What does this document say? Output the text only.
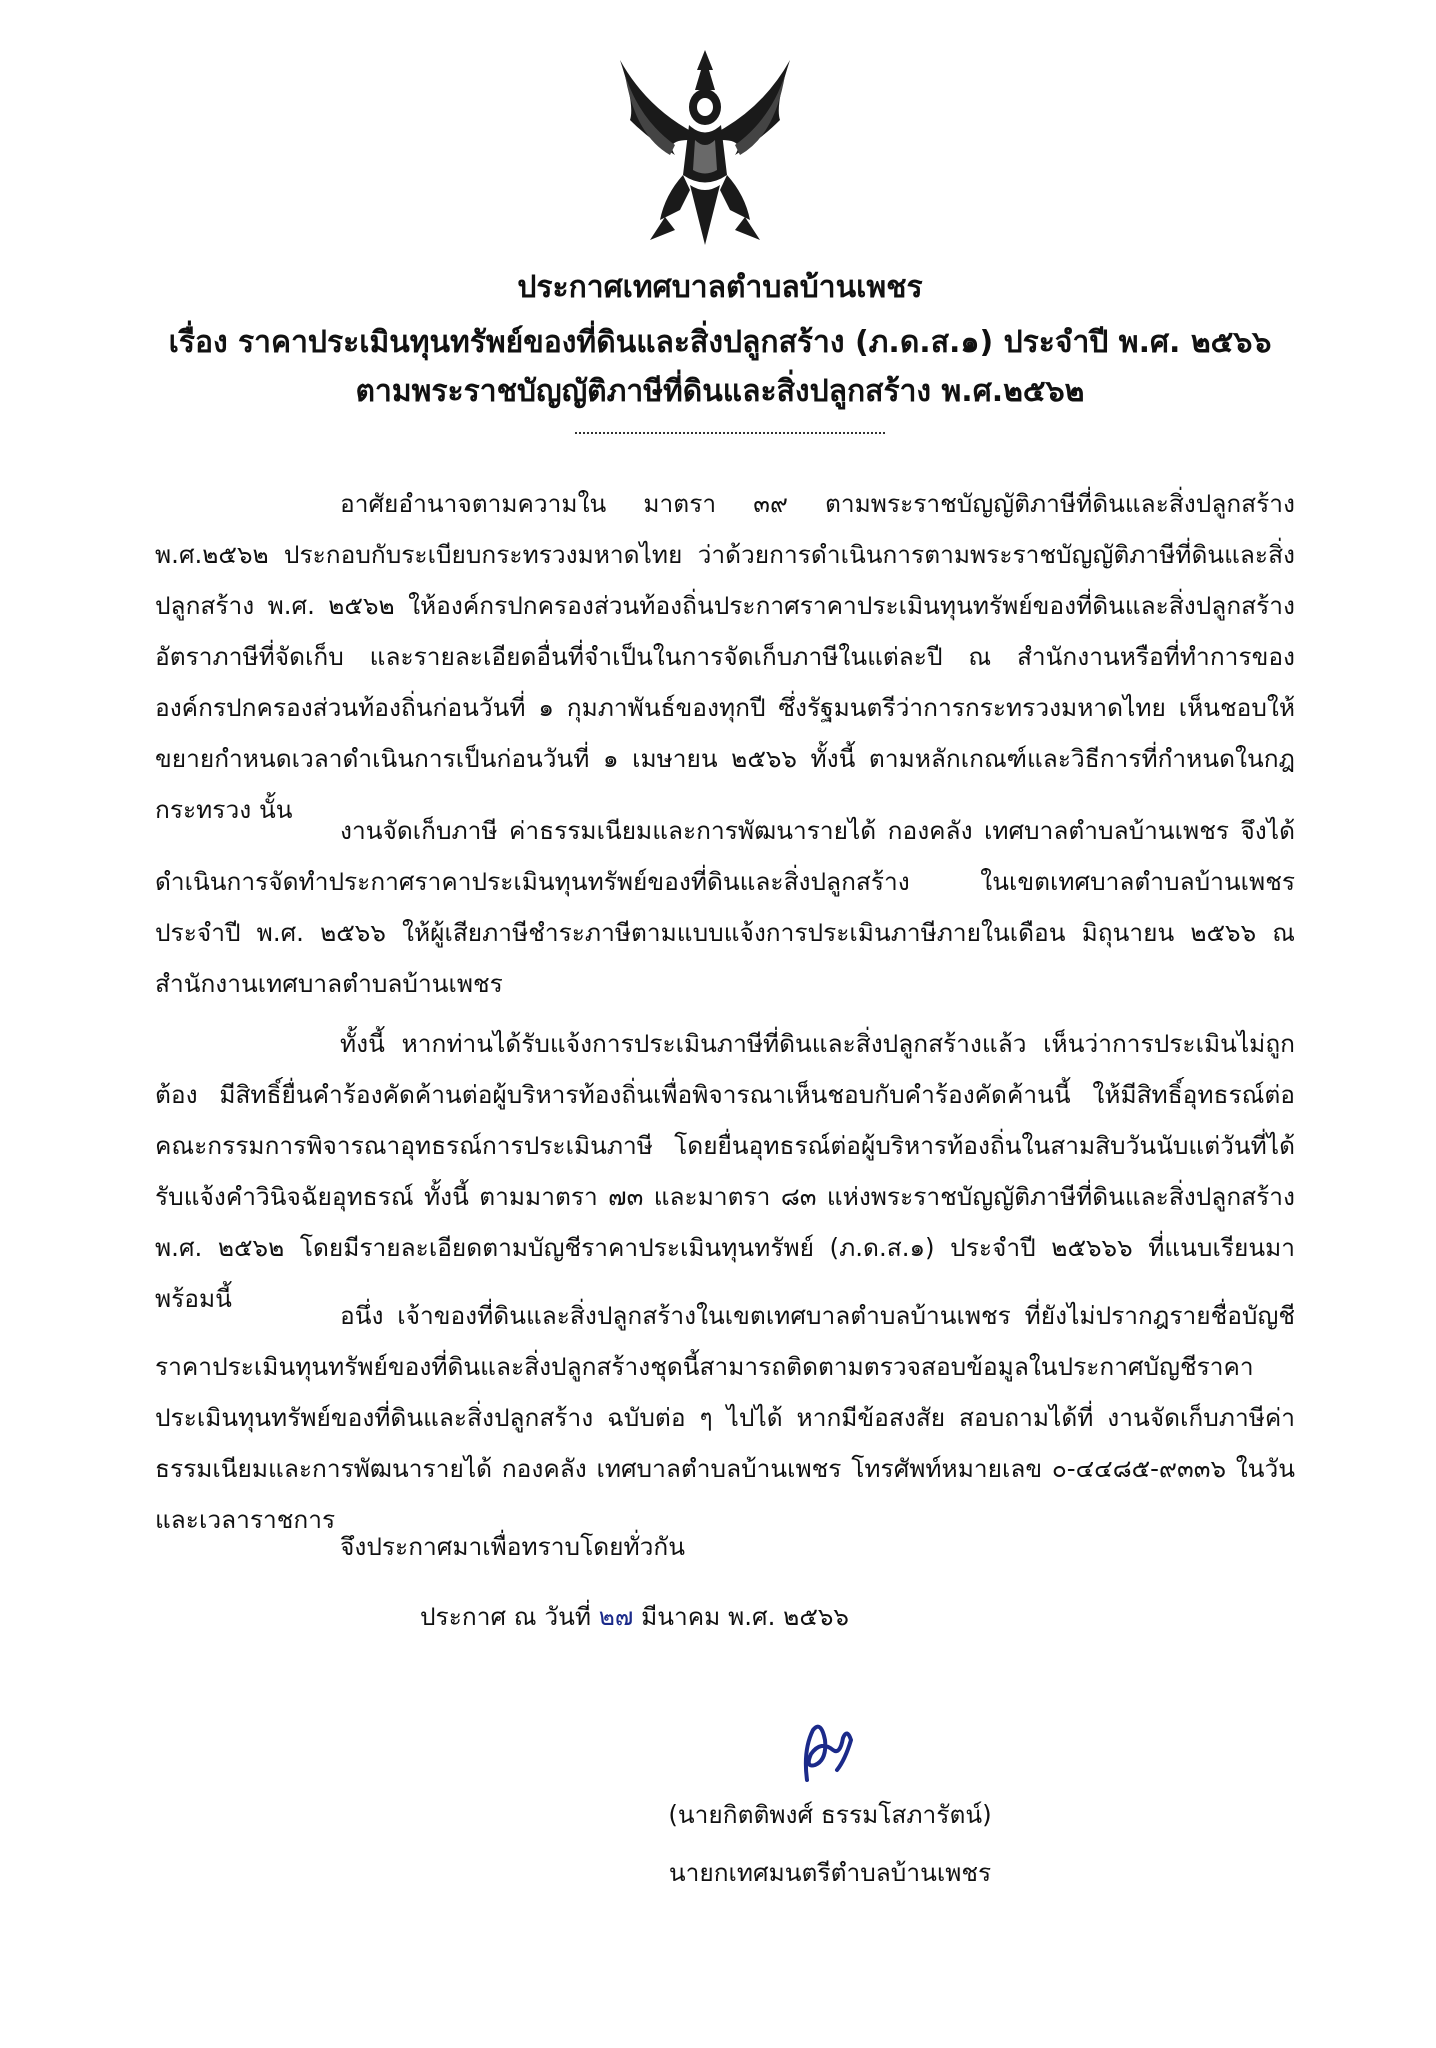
ประกาศเทศบาลตำบลบ้านเพชร
เรื่อง ราคาประเมินทุนทรัพย์ของที่ดินและสิ่งปลูกสร้าง (ภ.ด.ส.๑) ประจำปี พ.ศ. ๒๕๖๖
ตามพระราชบัญญัติภาษีที่ดินและสิ่งปลูกสร้าง พ.ศ.๒๕๖๒

อาศัยอำนาจตามความใน มาตรา ๓๙ ตามพระราชบัญญัติภาษีที่ดินและสิ่งปลูกสร้าง พ.ศ.๒๕๖๒ ประกอบกับระเบียบกระทรวงมหาดไทย ว่าด้วยการดำเนินการตามพระราชบัญญัติภาษีที่ดินและสิ่งปลูกสร้าง พ.ศ. ๒๕๖๒ ให้องค์กรปกครองส่วนท้องถิ่นประกาศราคาประเมินทุนทรัพย์ของที่ดินและสิ่งปลูกสร้าง อัตราภาษีที่จัดเก็บ และรายละเอียดอื่นที่จำเป็นในการจัดเก็บภาษีในแต่ละปี ณ สำนักงานหรือที่ทำการขององค์กรปกครองส่วนท้องถิ่นก่อนวันที่ ๑ กุมภาพันธ์ของทุกปี ซึ่งรัฐมนตรีว่าการกระทรวงมหาดไทย เห็นชอบให้ขยายกำหนดเวลาดำเนินการเป็นก่อนวันที่ ๑ เมษายน ๒๕๖๖ ทั้งนี้ ตามหลักเกณฑ์และวิธีการที่กำหนดในกฎกระทรวง นั้น

งานจัดเก็บภาษี ค่าธรรมเนียมและการพัฒนารายได้ กองคลัง เทศบาลตำบลบ้านเพชร จึงได้ดำเนินการจัดทำประกาศราคาประเมินทุนทรัพย์ของที่ดินและสิ่งปลูกสร้าง ในเขตเทศบาลตำบลบ้านเพชร ประจำปี พ.ศ. ๒๕๖๖ ให้ผู้เสียภาษีชำระภาษีตามแบบแจ้งการประเมินภาษีภายในเดือน มิถุนายน ๒๕๖๖ ณ สำนักงานเทศบาลตำบลบ้านเพชร

ทั้งนี้ หากท่านได้รับแจ้งการประเมินภาษีที่ดินและสิ่งปลูกสร้างแล้ว เห็นว่าการประเมินไม่ถูกต้อง มีสิทธิ์ยื่นคำร้องคัดค้านต่อผู้บริหารท้องถิ่นเพื่อพิจารณาเห็นชอบกับคำร้องคัดค้านนี้ ให้มีสิทธิ์อุทธรณ์ต่อคณะกรรมการพิจารณาอุทธรณ์การประเมินภาษี โดยยื่นอุทธรณ์ต่อผู้บริหารท้องถิ่นในสามสิบวันนับแต่วันที่ได้รับแจ้งคำวินิจฉัยอุทธรณ์ ทั้งนี้ ตามมาตรา ๗๓ และมาตรา ๘๓ แห่งพระราชบัญญัติภาษีที่ดินและสิ่งปลูกสร้าง พ.ศ. ๒๕๖๒ โดยมีรายละเอียดตามบัญชีราคาประเมินทุนทรัพย์ (ภ.ด.ส.๑) ประจำปี ๒๕๖๖๖ ที่แนบเรียนมาพร้อมนี้

อนึ่ง เจ้าของที่ดินและสิ่งปลูกสร้างในเขตเทศบาลตำบลบ้านเพชร ที่ยังไม่ปรากฎรายชื่อบัญชีราคาประเมินทุนทรัพย์ของที่ดินและสิ่งปลูกสร้างชุดนี้สามารถติดตามตรวจสอบข้อมูลในประกาศบัญชีราคาประเมินทุนทรัพย์ของที่ดินและสิ่งปลูกสร้าง ฉบับต่อ ๆ ไปได้ หากมีข้อสงสัย สอบถามได้ที่ งานจัดเก็บภาษีค่าธรรมเนียมและการพัฒนารายได้ กองคลัง เทศบาลตำบลบ้านเพชร โทรศัพท์หมายเลข ๐-๔๔๘๕-๙๓๓๖ ในวันและเวลาราชการ

จึงประกาศมาเพื่อทราบโดยทั่วกัน
ประกาศ ณ วันที่ ๒๗ มีนาคม พ.ศ. ๒๕๖๖
(นายกิตติพงศ์ ธรรมโสภารัตน์)
นายกเทศมนตรีตำบลบ้านเพชร
